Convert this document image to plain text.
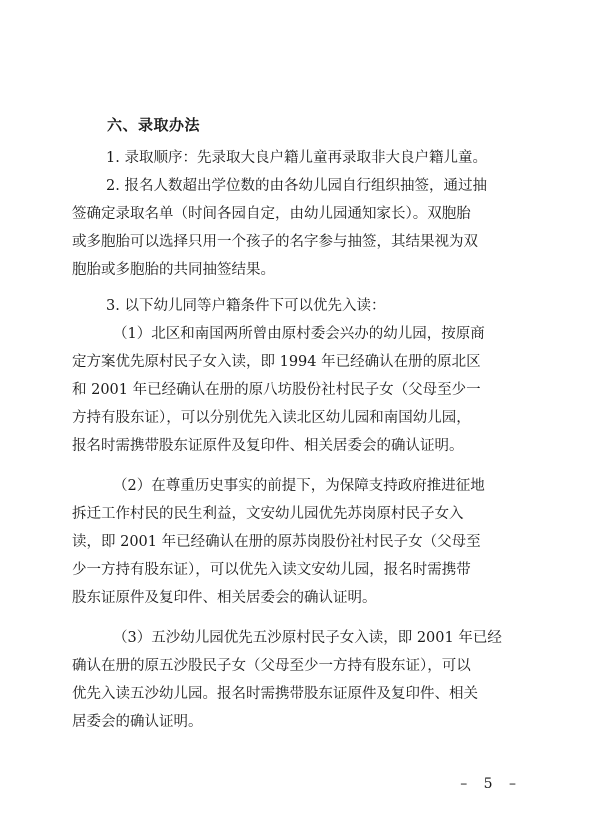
六、录取办法

1. 录取顺序：先录取大良户籍儿童再录取非大良户籍儿童。

2. 报名人数超出学位数的由各幼儿园自行组织抽签，通过抽
签确定录取名单（时间各园自定，由幼儿园通知家长）。双胞胎
或多胞胎可以选择只用一个孩子的名字参与抽签，其结果视为双
胞胎或多胞胎的共同抽签结果。

3. 以下幼儿同等户籍条件下可以优先入读：

（1）北区和南国两所曾由原村委会兴办的幼儿园，按原商
定方案优先原村民子女入读，即 1994 年已经确认在册的原北区
和 2001 年已经确认在册的原八坊股份社村民子女（父母至少一
方持有股东证），可以分别优先入读北区幼儿园和南国幼儿园，
报名时需携带股东证原件及复印件、相关居委会的确认证明。

（2）在尊重历史事实的前提下，为保障支持政府推进征地
拆迁工作村民的民生利益，文安幼儿园优先苏岗原村民子女入
读，即 2001 年已经确认在册的原苏岗股份社村民子女（父母至
少一方持有股东证），可以优先入读文安幼儿园，报名时需携带
股东证原件及复印件、相关居委会的确认证明。

（3）五沙幼儿园优先五沙原村民子女入读，即 2001 年已经
确认在册的原五沙股民子女（父母至少一方持有股东证），可以
优先入读五沙幼儿园。报名时需携带股东证原件及复印件、相关
居委会的确认证明。

– 5 –
